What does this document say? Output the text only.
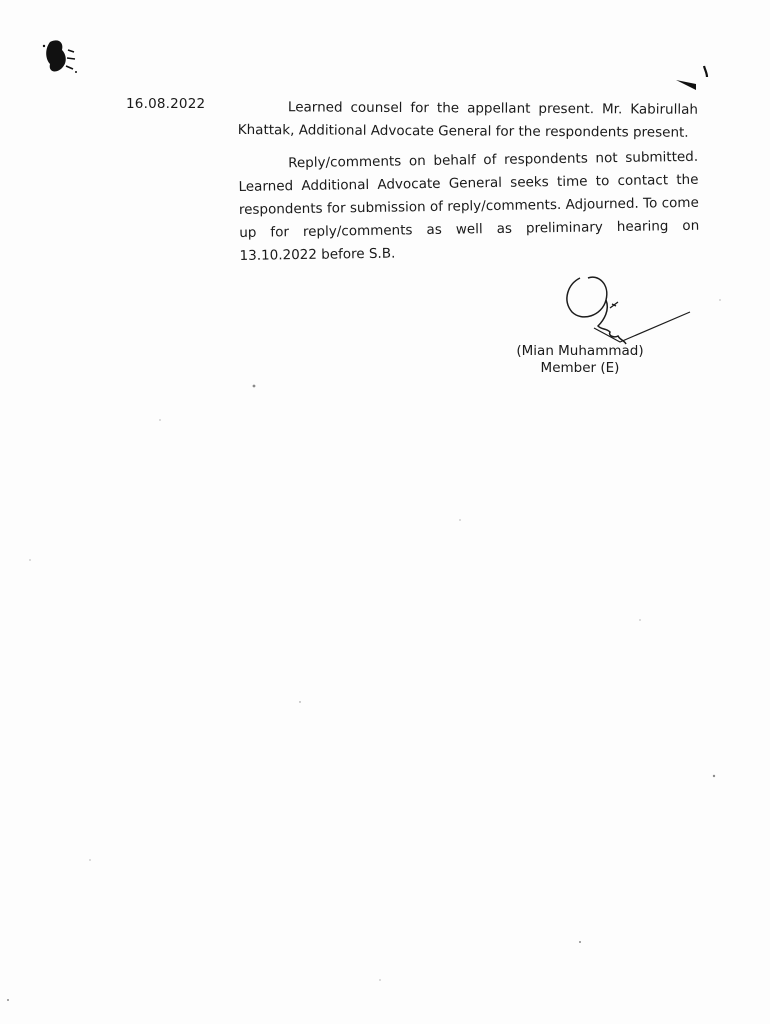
16.08.2022	Learned counsel for the appellant present. Mr. Kabirullah Khattak, Additional Advocate General for the respondents present.

Reply/comments on behalf of respondents not submitted. Learned Additional Advocate General seeks time to contact the respondents for submission of reply/comments. Adjourned. To come up for reply/comments as well as preliminary hearing on 13.10.2022 before S.B.

(Mian Muhammad)
Member (E)
